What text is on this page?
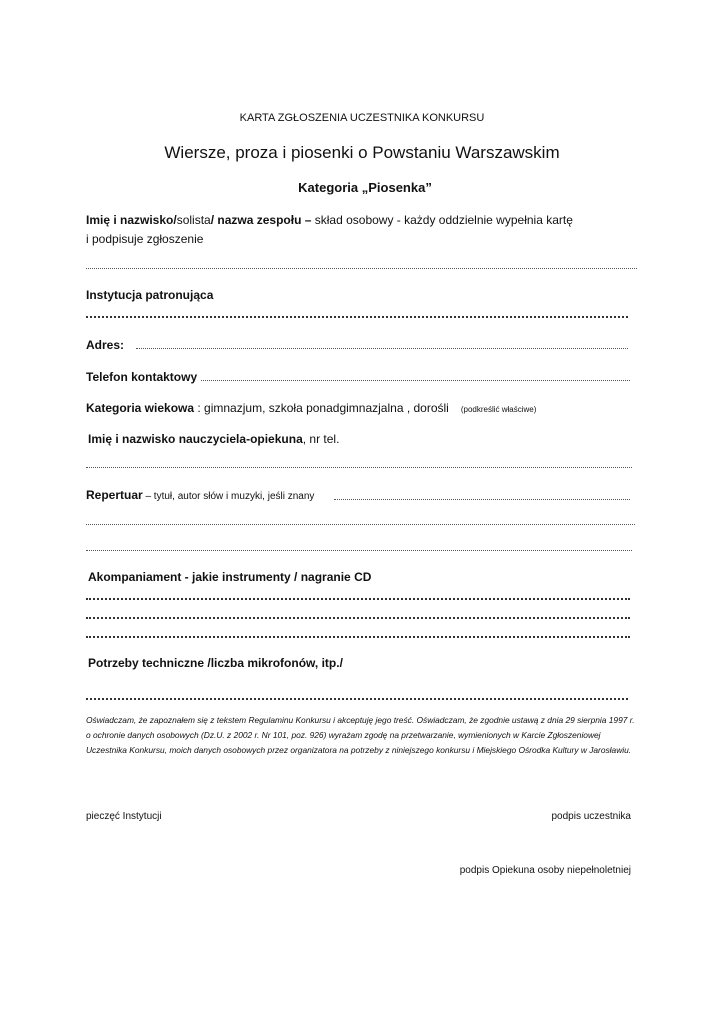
KARTA ZGŁOSZENIA UCZESTNIKA KONKURSU
Wiersze, proza i piosenki o Powstaniu Warszawskim
Kategoria „Piosenka”
Imię i nazwisko/solista/ nazwa zespołu – skład osobowy - każdy oddzielnie wypełnia kartę
i podpisuje zgłoszenie
Instytucja patronująca
Adres:
Telefon kontaktowy
Kategoria wiekowa : gimnazjum, szkoła ponadgimnazjalna , dorośli (podkreślić właściwe)
Imię i nazwisko nauczyciela-opiekuna, nr tel.
Repertuar – tytuł, autor słów i muzyki, jeśli znany
Akompaniament - jakie instrumenty / nagranie CD
Potrzeby techniczne /liczba mikrofonów, itp./
Oświadczam, że zapoznałem się z tekstem Regulaminu Konkursu i akceptuję jego treść. Oświadczam, że zgodnie ustawą z dnia 29 sierpnia 1997 r. o ochronie danych osobowych (Dz.U. z 2002 r. Nr 101, poz. 926) wyrażam zgodę na przetwarzanie, wymienionych w Karcie Zgłoszeniowej Uczestnika Konkursu, moich danych osobowych przez organizatora na potrzeby z niniejszego konkursu i Miejskiego Ośrodka Kultury w Jarosławiu.
pieczęć Instytucji	podpis uczestnika
podpis Opiekuna osoby niepełnoletniej
